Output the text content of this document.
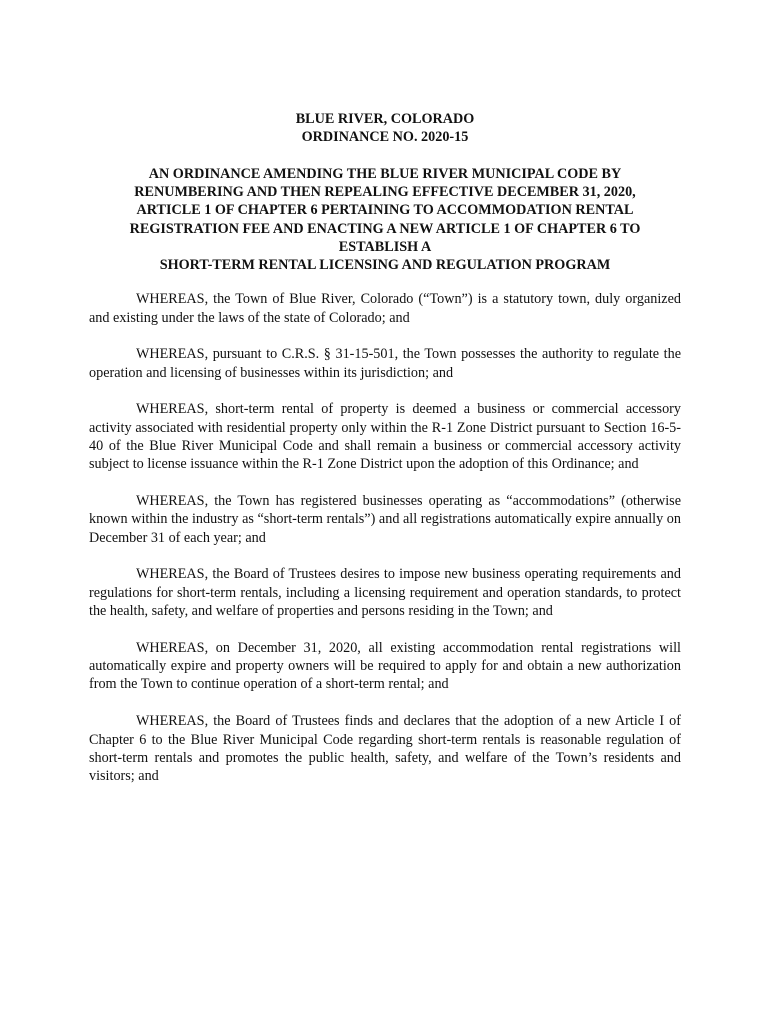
BLUE RIVER, COLORADO
ORDINANCE NO. 2020-15
AN ORDINANCE AMENDING THE BLUE RIVER MUNICIPAL CODE BY
RENUMBERING AND THEN REPEALING EFFECTIVE DECEMBER 31, 2020,
ARTICLE 1 OF CHAPTER 6 PERTAINING TO ACCOMMODATION RENTAL
REGISTRATION FEE AND ENACTING A NEW ARTICLE 1 OF CHAPTER 6 TO
ESTABLISH A
SHORT-TERM RENTAL LICENSING AND REGULATION PROGRAM

WHEREAS, the Town of Blue River, Colorado (“Town”) is a statutory town, duly organized and existing under the laws of the state of Colorado; and

WHEREAS, pursuant to C.R.S. § 31-15-501, the Town possesses the authority to regulate the operation and licensing of businesses within its jurisdiction; and

WHEREAS, short-term rental of property is deemed a business or commercial accessory activity associated with residential property only within the R-1 Zone District pursuant to Section 16-5-40 of the Blue River Municipal Code and shall remain a business or commercial accessory activity subject to license issuance within the R-1 Zone District upon the adoption of this Ordinance; and

WHEREAS, the Town has registered businesses operating as “accommodations” (otherwise known within the industry as “short-term rentals”) and all registrations automatically expire annually on December 31 of each year; and

WHEREAS, the Board of Trustees desires to impose new business operating requirements and regulations for short-term rentals, including a licensing requirement and operation standards, to protect the health, safety, and welfare of properties and persons residing in the Town; and

WHEREAS, on December 31, 2020, all existing accommodation rental registrations will automatically expire and property owners will be required to apply for and obtain a new authorization from the Town to continue operation of a short-term rental; and

WHEREAS, the Board of Trustees finds and declares that the adoption of a new Article I of Chapter 6 to the Blue River Municipal Code regarding short-term rentals is reasonable regulation of short-term rentals and promotes the public health, safety, and welfare of the Town’s residents and visitors; and
